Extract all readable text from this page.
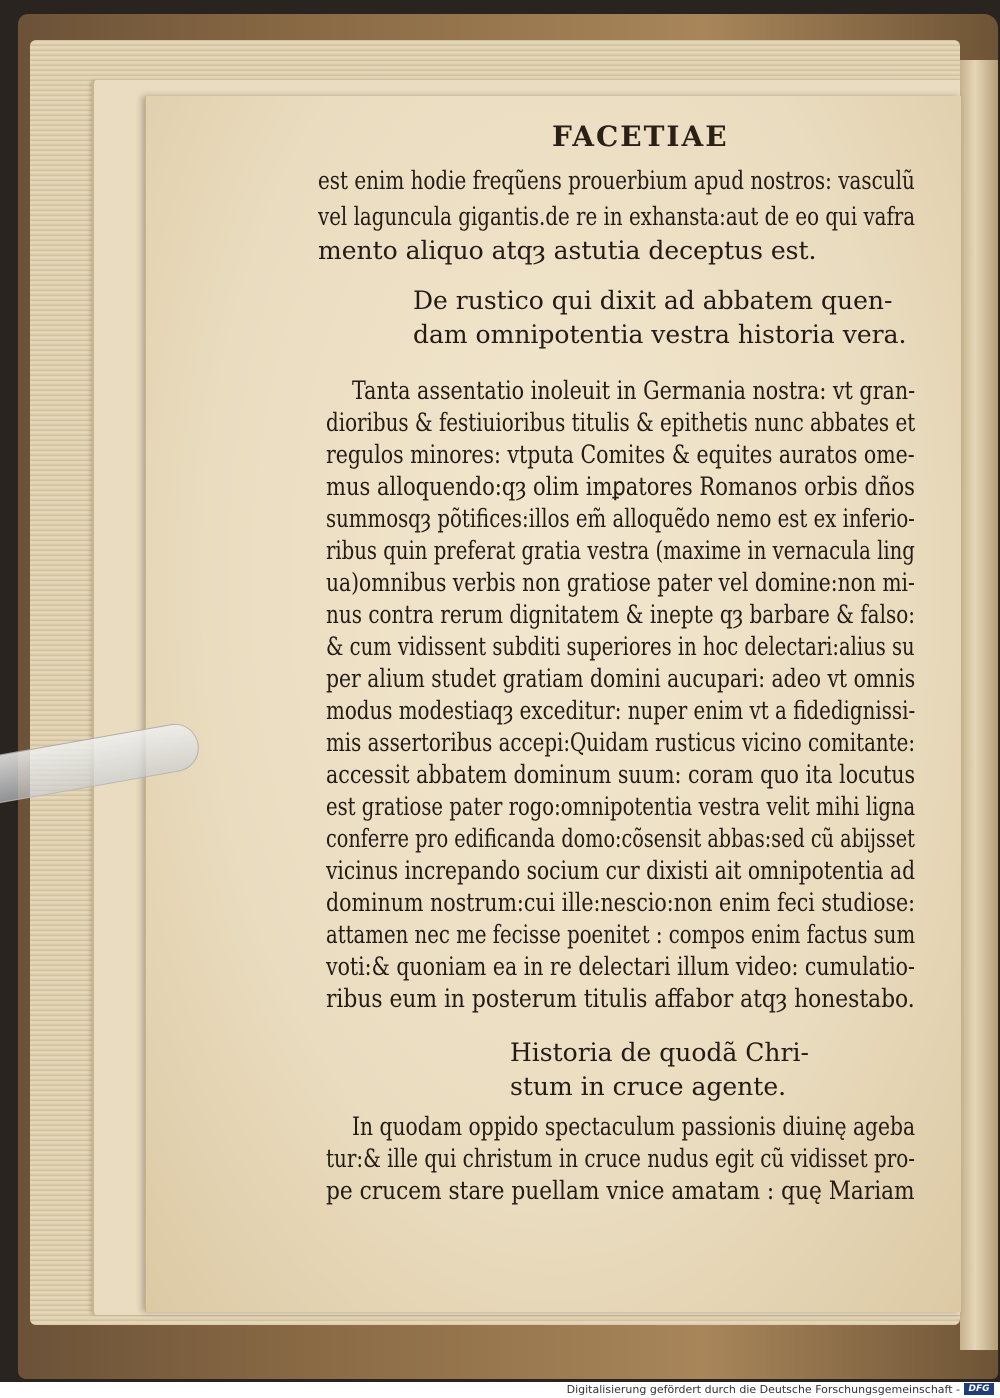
FACETIAE
est enim hodie freqũens prouerbium apud nostros: vasculũ
vel laguncula gigantis.de re in exhansta:aut de eo qui vafra
mento aliquo atqȝ astutia deceptus est.
De rustico qui dixit ad abbatem quen-
dam omnipotentia vestra historia vera.
Tanta assentatio inoleuit in Germania nostra: vt gran-
dioribus & festiuioribus titulis & epithetis nunc abbates et
regulos minores: vtputa Comites & equites auratos ome-
mus alloquendo:qȝ olim imꝑatores Romanos orbis dños
summosqȝ põtifices:illos em̃ alloquẽdo nemo est ex inferio-
ribus quin preferat gratia vestra (maxime in vernacula ling
ua)omnibus verbis non gratiose pater vel domine:non mi-
nus contra rerum dignitatem & inepte qȝ barbare & falso:
& cum vidissent subditi superiores in hoc delectari:alius su
per alium studet gratiam domini aucupari: adeo vt omnis
modus modestiaqȝ exceditur: nuper enim vt a fidedignissi-
mis assertoribus accepi:Quidam rusticus vicino comitante:
accessit abbatem dominum suum: coram quo ita locutus
est gratiose pater rogo:omnipotentia vestra velit mihi ligna
conferre pro edificanda domo:cõsensit abbas:sed cũ abijsset
vicinus increpando socium cur dixisti ait omnipotentia ad
dominum nostrum:cui ille:nescio:non enim feci studiose:
attamen nec me fecisse poenitet : compos enim factus sum
voti:& quoniam ea in re delectari illum video: cumulatio-
ribus eum in posterum titulis affabor atqȝ honestabo.
Historia de quodã Chri-
stum in cruce agente.
In quodam oppido spectaculum passionis diuinę ageba
tur:& ille qui christum in cruce nudus egit cũ vidisset pro-
pe crucem stare puellam vnice amatam : quę Mariam
Digitalisierung gefördert durch die Deutsche Forschungsgemeinschaft - DFG
